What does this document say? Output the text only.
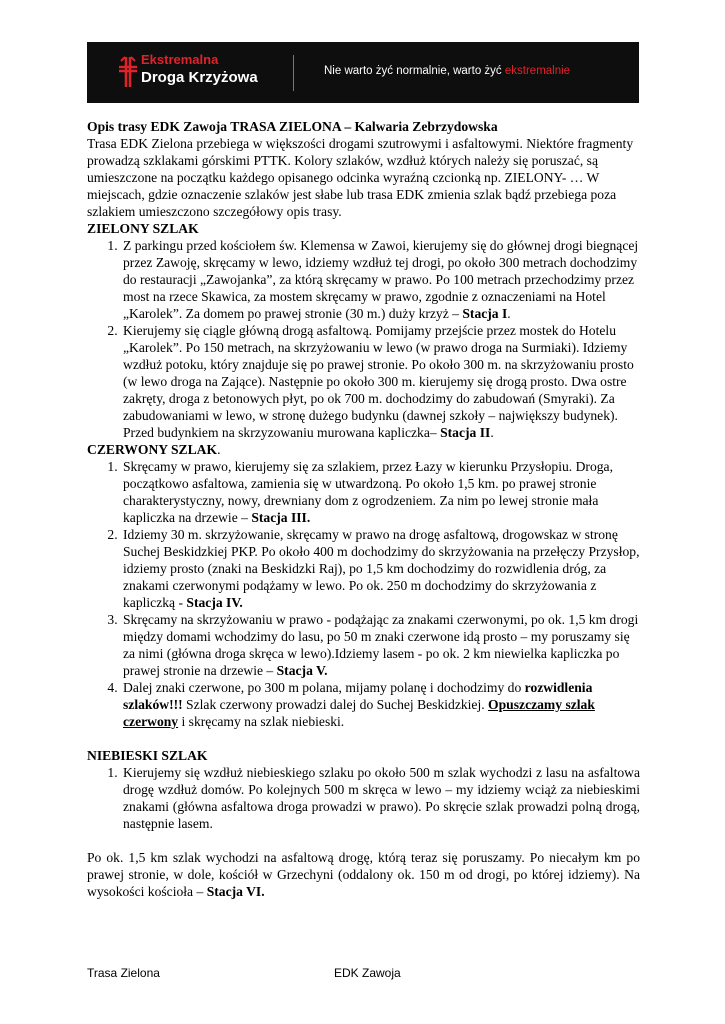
Ekstremalna
Droga Krzyżowa	Nie warto żyć normalnie, warto żyć ekstremalnie

Opis trasy EDK Zawoja TRASA ZIELONA – Kalwaria Zebrzydowska

Trasa EDK Zielona przebiega w większości drogami szutrowymi i asfaltowymi. Niektóre fragmenty prowadzą szklakami górskimi PTTK. Kolory szlaków, wzdłuż których należy się poruszać, są umieszczone na początku każdego opisanego odcinka wyraźną czcionką np. ZIELONY- … W miejscach, gdzie oznaczenie szlaków jest słabe lub trasa EDK zmienia szlak bądź przebiega poza szlakiem umieszczono szczegółowy opis trasy.

ZIELONY SZLAK

1. Z parkingu przed kościołem św. Klemensa w Zawoi, kierujemy się do głównej drogi biegnącej przez Zawoję, skręcamy w lewo, idziemy wzdłuż tej drogi, po około 300 metrach dochodzimy do restauracji „Zawojanka”, za którą skręcamy w prawo. Po 100 metrach przechodzimy przez most na rzece Skawica, za mostem skręcamy w prawo, zgodnie z oznaczeniami na Hotel „Karolek”. Za domem po prawej stronie (30 m.) duży krzyż – Stacja I.
2. Kierujemy się ciągle główną drogą asfaltową. Pomijamy przejście przez mostek do Hotelu „Karolek”. Po 150 metrach, na skrzyżowaniu w lewo (w prawo droga na Surmiaki). Idziemy wzdłuż potoku, który znajduje się po prawej stronie. Po około 300 m. na skrzyżowaniu prosto (w lewo droga na Zające). Następnie po około 300 m. kierujemy się drogą prosto. Dwa ostre zakręty, droga z betonowych płyt, po ok 700 m. dochodzimy do zabudowań (Smyraki). Za zabudowaniami w lewo, w stronę dużego budynku (dawnej szkoły – największy budynek). Przed budynkiem na skrzyzowaniu murowana kapliczka– Stacja II.

CZERWONY SZLAK.

1. Skręcamy w prawo, kierujemy się za szlakiem, przez Łazy w kierunku Przysłopiu. Droga, początkowo asfaltowa, zamienia się w utwardzoną. Po około 1,5 km. po prawej stronie charakterystyczny, nowy, drewniany dom z ogrodzeniem. Za nim po lewej stronie mała kapliczka na drzewie – Stacja III.
2. Idziemy 30 m. skrzyżowanie, skręcamy w prawo na drogę asfaltową, drogowskaz w stronę Suchej Beskidzkiej PKP. Po około 400 m dochodzimy do skrzyżowania na przełęczy Przysłop, idziemy prosto (znaki na Beskidzki Raj), po 1,5 km dochodzimy do rozwidlenia dróg, za znakami czerwonymi podążamy w lewo. Po ok. 250 m dochodzimy do skrzyżowania z kapliczką - Stacja IV.
3. Skręcamy na skrzyżowaniu w prawo - podążając za znakami czerwonymi, po ok. 1,5 km drogi między domami wchodzimy do lasu, po 50 m znaki czerwone idą prosto – my poruszamy się za nimi (główna droga skręca w lewo).Idziemy lasem - po ok. 2 km niewielka kapliczka po prawej stronie na drzewie – Stacja V.
4. Dalej znaki czerwone, po 300 m polana, mijamy polanę i dochodzimy do rozwidlenia szlaków!!! Szlak czerwony prowadzi dalej do Suchej Beskidzkiej. Opuszczamy szlak czerwony i skręcamy na szlak niebieski.

NIEBIESKI SZLAK

1. Kierujemy się wzdłuż niebieskiego szlaku po około 500 m szlak wychodzi z lasu na asfaltowa drogę wzdłuż domów. Po kolejnych 500 m skręca w lewo – my idziemy wciąż za niebieskimi znakami (główna asfaltowa droga prowadzi w prawo). Po skręcie szlak prowadzi polną drogą, następnie lasem.

Po ok. 1,5 km szlak wychodzi na asfaltową drogę, którą teraz się poruszamy. Po niecałym km po prawej stronie, w dole, kościół w Grzechyni (oddalony ok. 150 m od drogi, po której idziemy). Na wysokości kościoła – Stacja VI.

Trasa Zielona	EDK Zawoja
